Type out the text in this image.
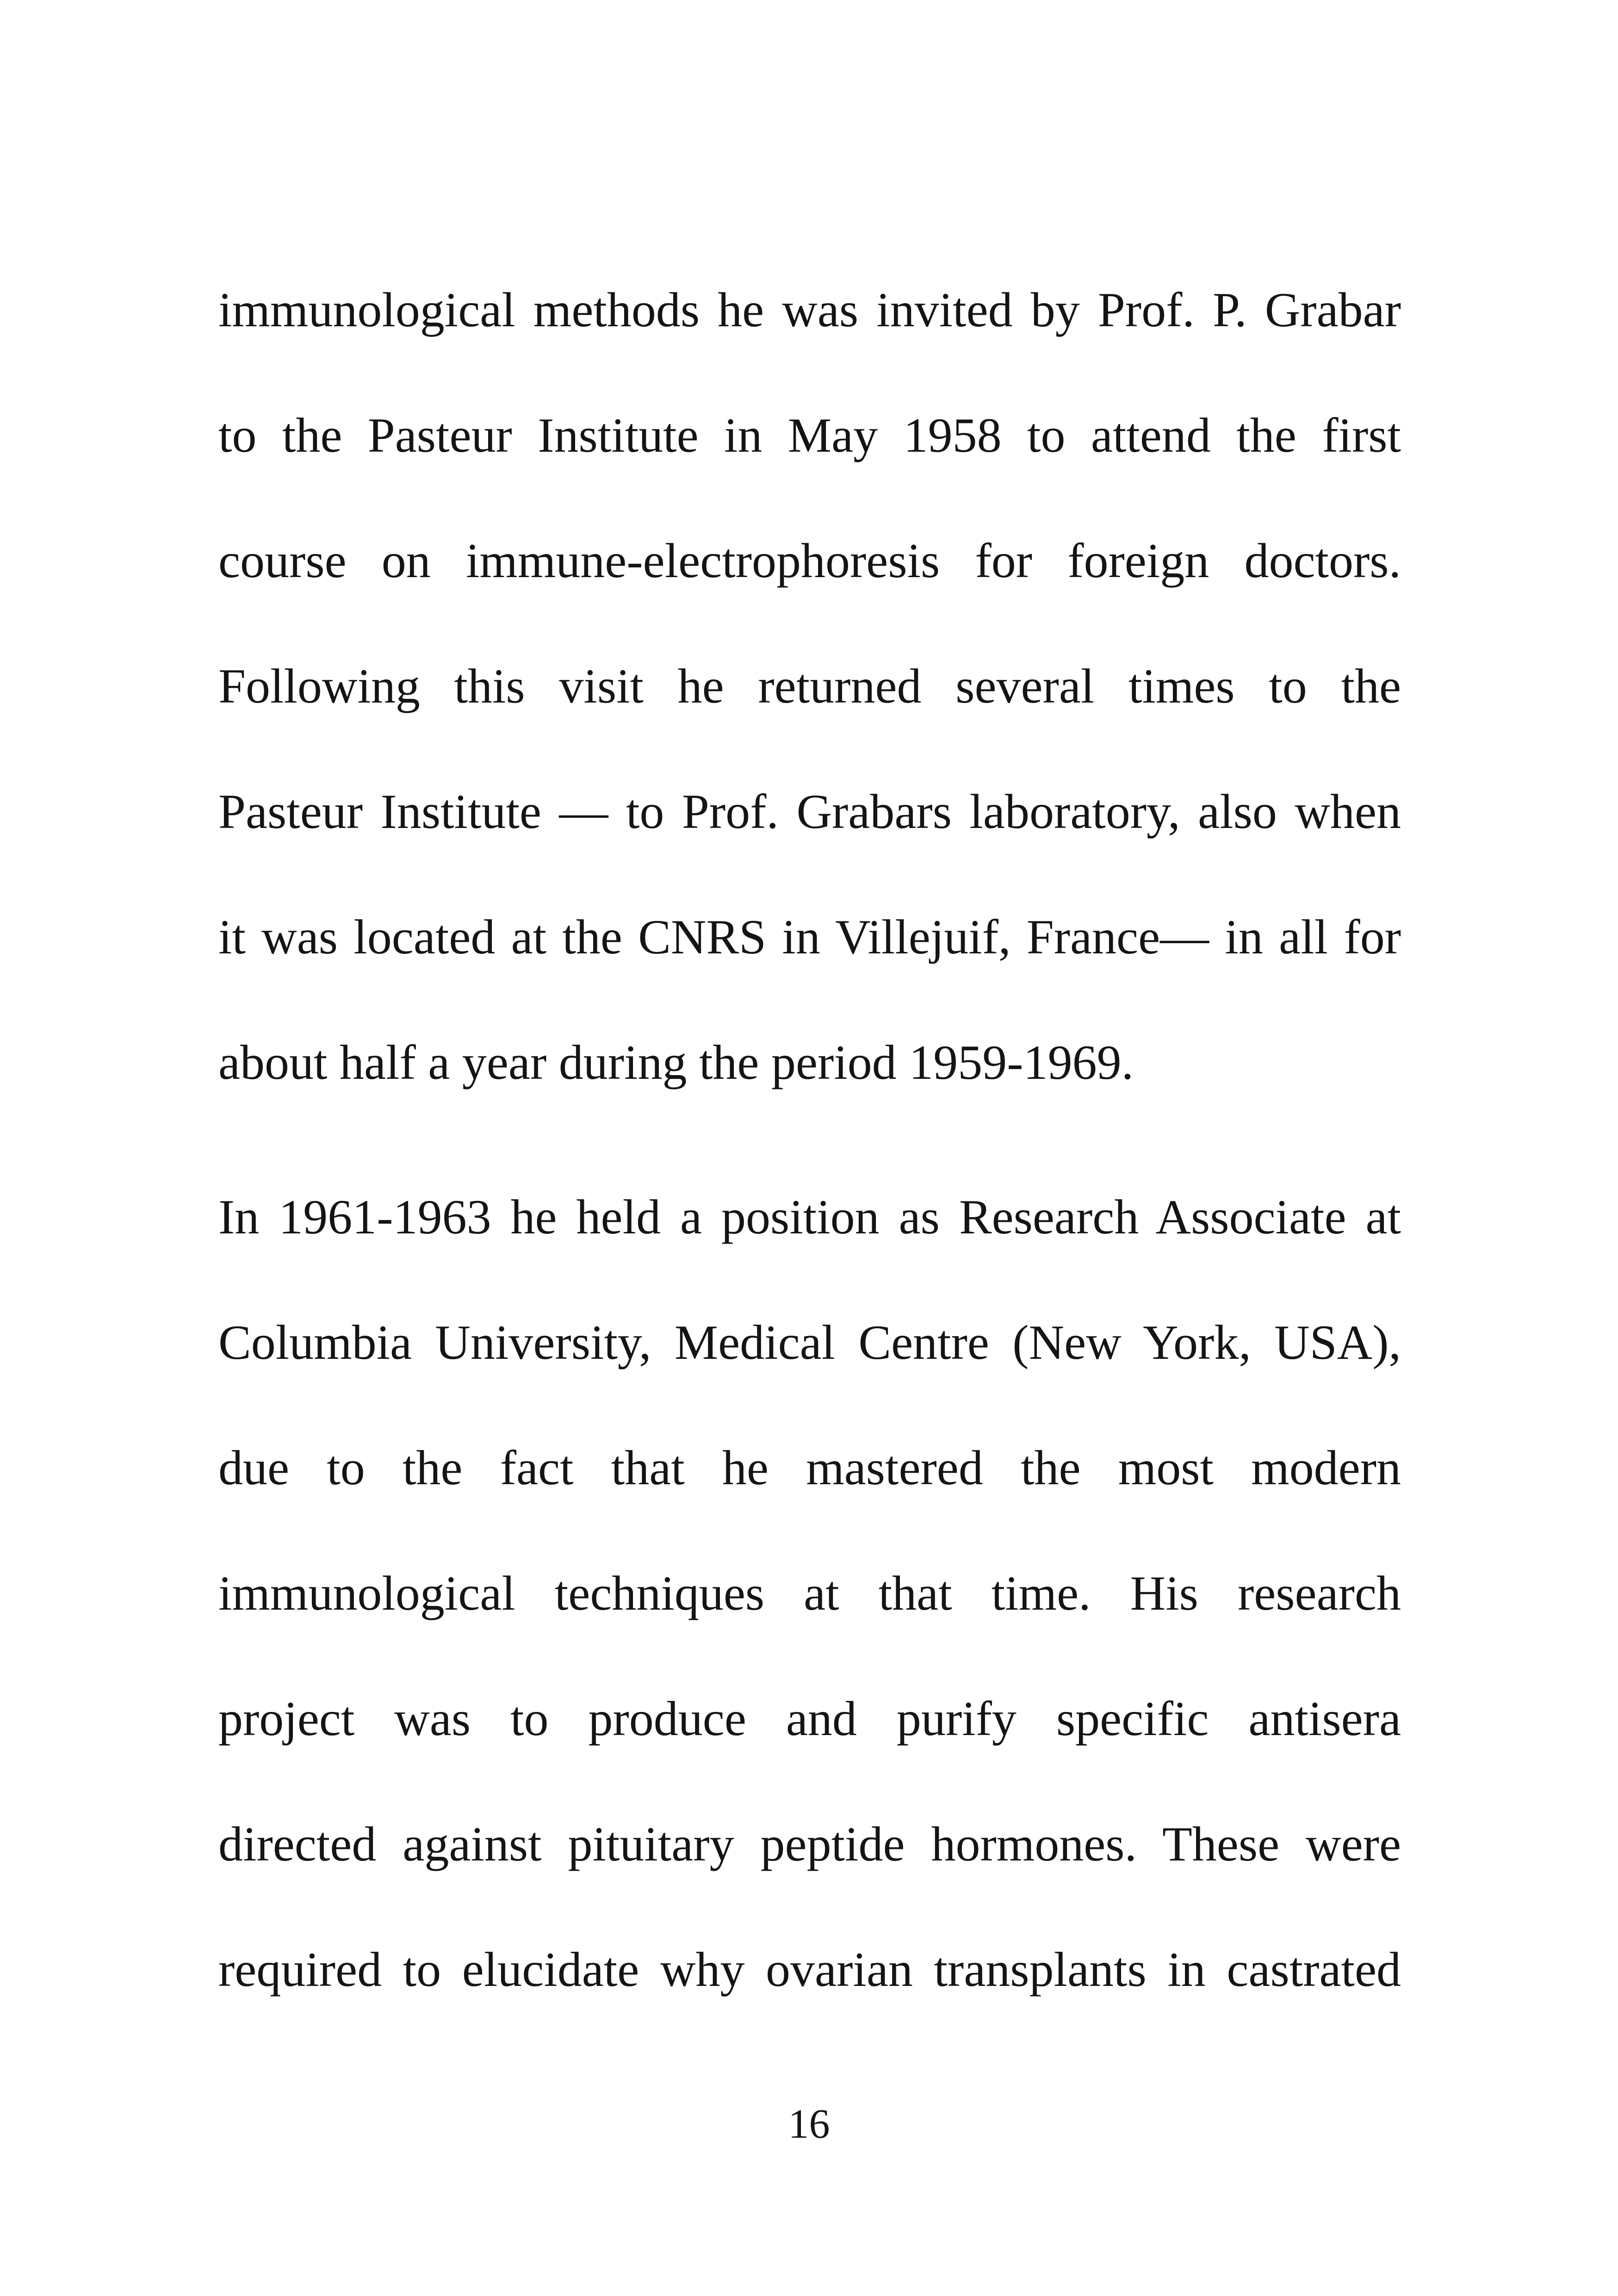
immunological methods he was invited by Prof. P. Grabar
to the Pasteur Institute in May 1958 to attend the first
course on immune-electrophoresis for foreign doctors.
Following this visit he returned several times to the
Pasteur Institute — to Prof. Grabars laboratory, also when
it was located at the CNRS in Villejuif, France— in all for
about half a year during the period 1959-1969.
In 1961-1963 he held a position as Research Associate at
Columbia University, Medical Centre (New York, USA),
due to the fact that he mastered the most modern
immunological techniques at that time. His research
project was to produce and purify specific antisera
directed against pituitary peptide hormones. These were
required to elucidate why ovarian transplants in castrated
16
